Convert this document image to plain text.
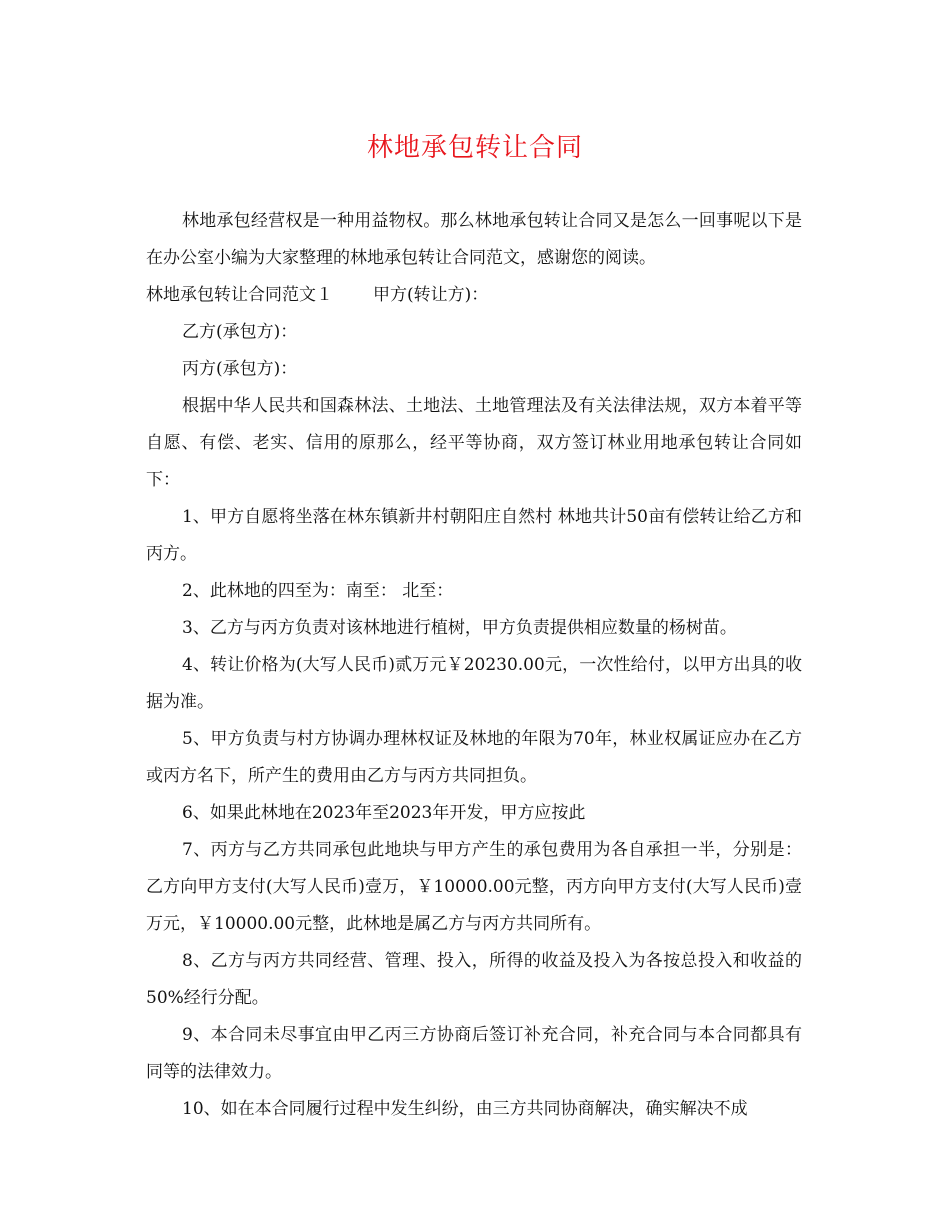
林地承包转让合同

林地承包经营权是一种用益物权。那么林地承包转让合同又是怎么一回事呢以下是在办公室小编为大家整理的林地承包转让合同范文，感谢您的阅读。

林地承包转让合同范文１ 甲方(转让方)：

乙方(承包方)：

丙方(承包方)：

根据中华人民共和国森林法、土地法、土地管理法及有关法律法规，双方本着平等自愿、有偿、老实、信用的原那么，经平等协商，双方签订林业用地承包转让合同如下：

1、甲方自愿将坐落在林东镇新井村朝阳庄自然村 林地共计50亩有偿转让给乙方和丙方。

2、此林地的四至为：南至： 北至：

3、乙方与丙方负责对该林地进行植树，甲方负责提供相应数量的杨树苗。

4、转让价格为(大写人民币)贰万元￥20230.00元，一次性给付，以甲方出具的收据为准。

5、甲方负责与村方协调办理林权证及林地的年限为70年，林业权属证应办在乙方或丙方名下，所产生的费用由乙方与丙方共同担负。

6、如果此林地在2023年至2023年开发，甲方应按此

7、丙方与乙方共同承包此地块与甲方产生的承包费用为各自承担一半，分别是：乙方向甲方支付(大写人民币)壹万，￥10000.00元整，丙方向甲方支付(大写人民币)壹万元，￥10000.00元整，此林地是属乙方与丙方共同所有。

8、乙方与丙方共同经营、管理、投入，所得的收益及投入为各按总投入和收益的50%经行分配。

9、本合同未尽事宜由甲乙丙三方协商后签订补充合同，补充合同与本合同都具有同等的法律效力。

10、如在本合同履行过程中发生纠纷，由三方共同协商解决，确实解决不成
